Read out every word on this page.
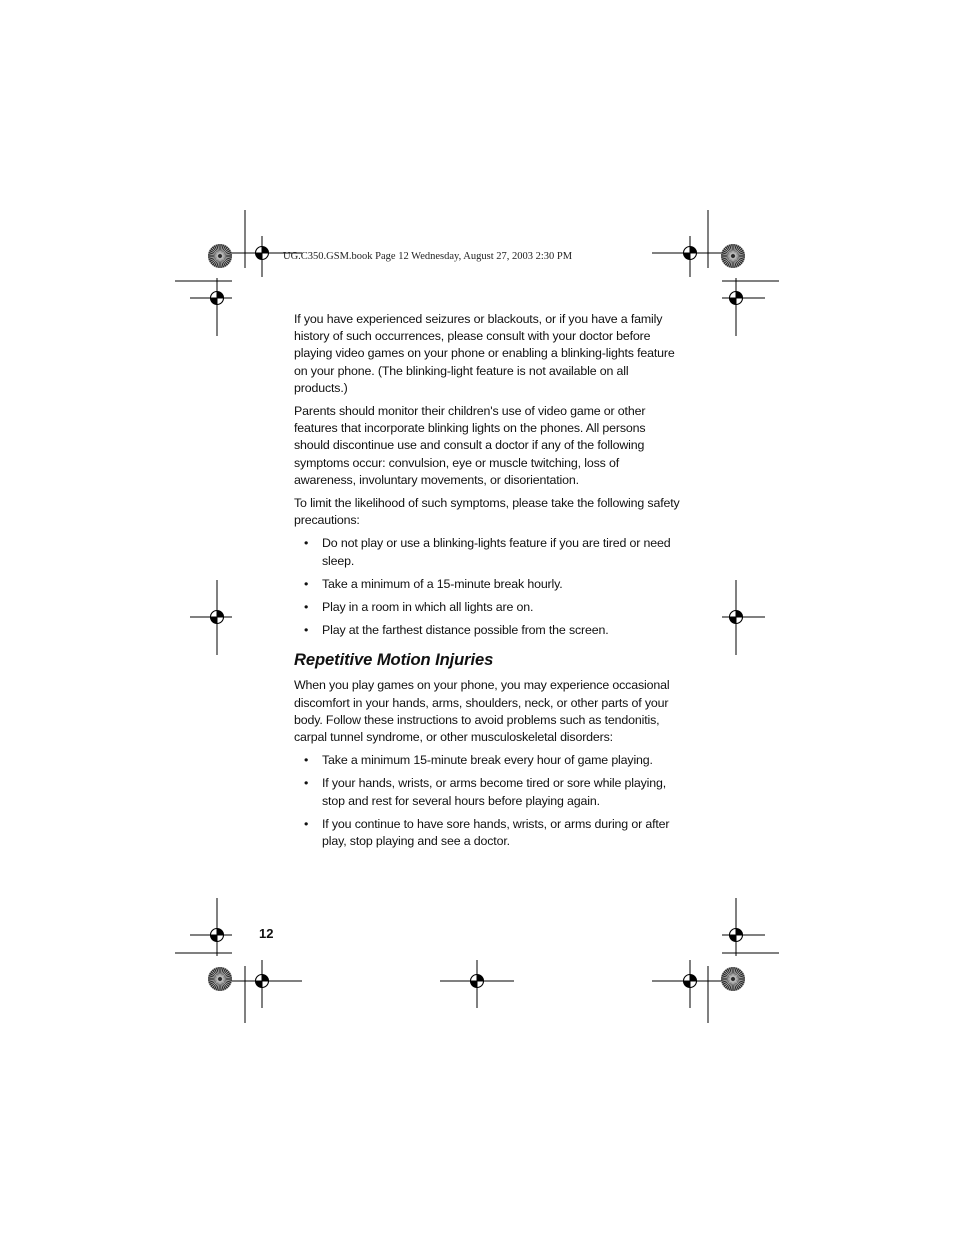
UG.C350.GSM.book Page 12 Wednesday, August 27, 2003 2:30 PM

If you have experienced seizures or blackouts, or if you have a family history of such occurrences, please consult with your doctor before playing video games on your phone or enabling a blinking-lights feature on your phone. (The blinking-light feature is not available on all products.)

Parents should monitor their children's use of video game or other features that incorporate blinking lights on the phones. All persons should discontinue use and consult a doctor if any of the following symptoms occur: convulsion, eye or muscle twitching, loss of awareness, involuntary movements, or disorientation.

To limit the likelihood of such symptoms, please take the following safety precautions:

• Do not play or use a blinking-lights feature if you are tired or need sleep.
• Take a minimum of a 15-minute break hourly.
• Play in a room in which all lights are on.
• Play at the farthest distance possible from the screen.
Repetitive Motion Injuries

When you play games on your phone, you may experience occasional discomfort in your hands, arms, shoulders, neck, or other parts of your body. Follow these instructions to avoid problems such as tendonitis, carpal tunnel syndrome, or other musculoskeletal disorders:

• Take a minimum 15-minute break every hour of game playing.
• If your hands, wrists, or arms become tired or sore while playing, stop and rest for several hours before playing again.
• If you continue to have sore hands, wrists, or arms during or after play, stop playing and see a doctor.
12
